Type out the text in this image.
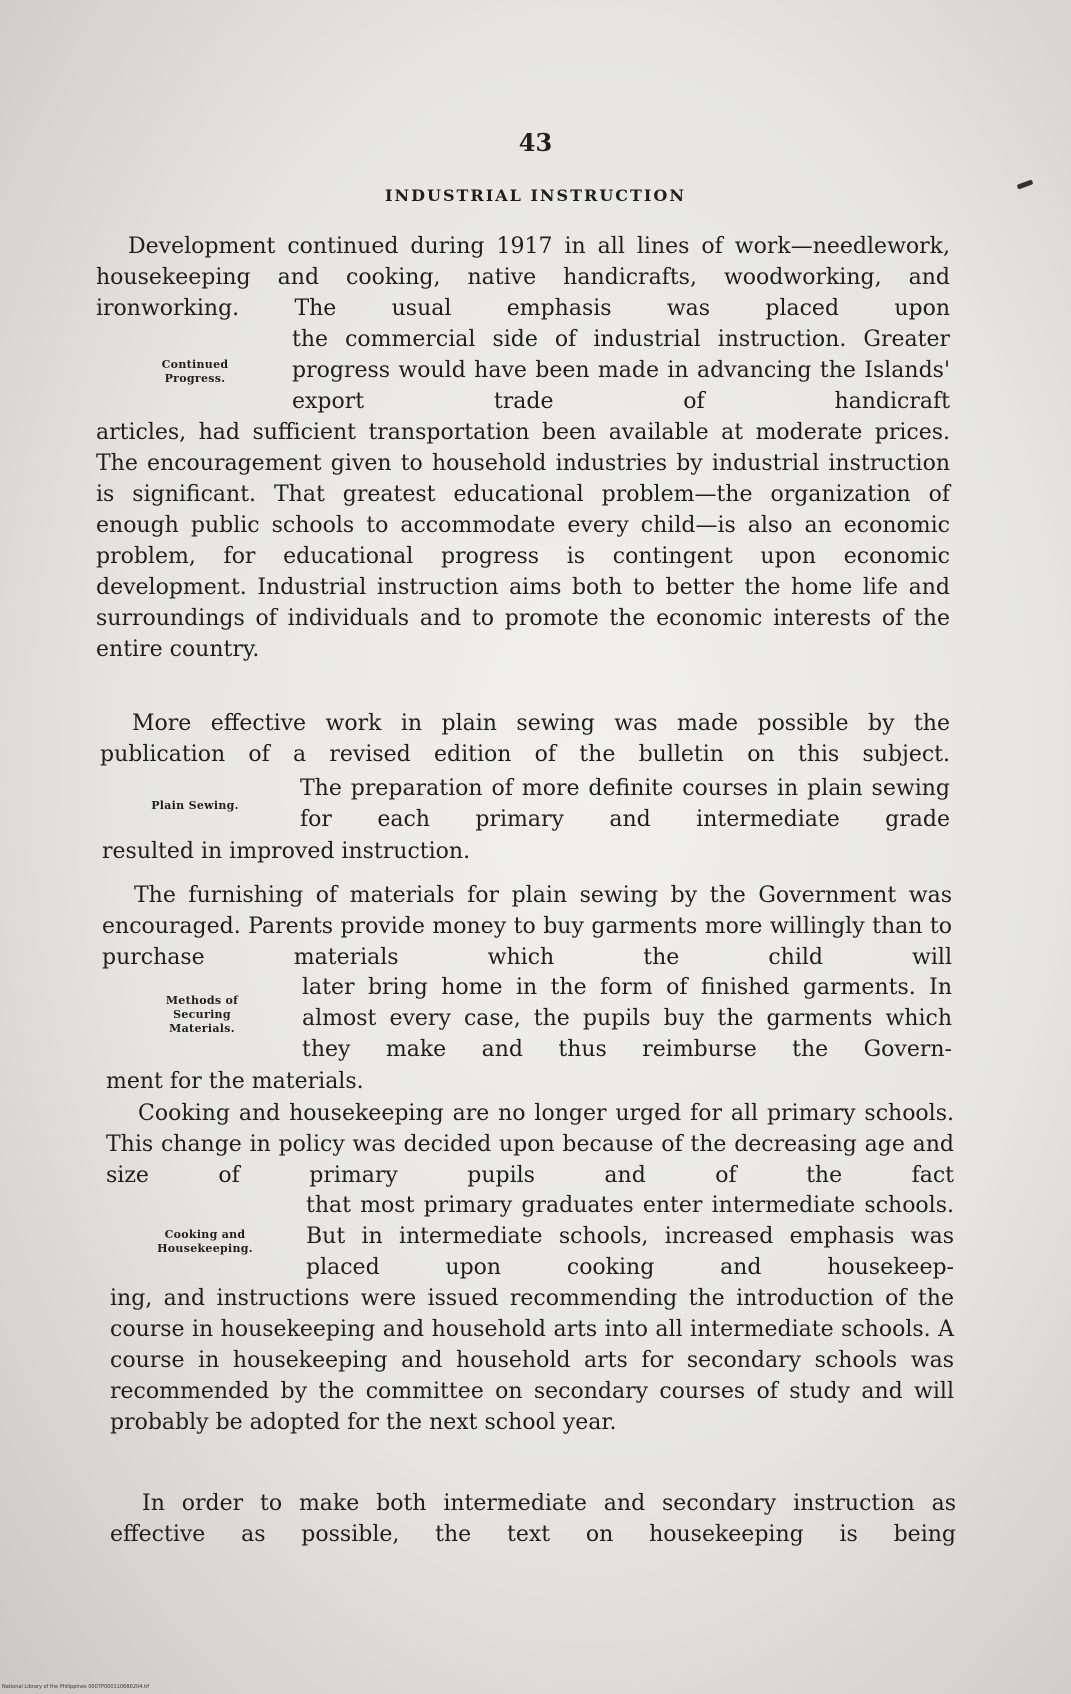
43
INDUSTRIAL INSTRUCTION
Development continued during 1917 in all lines of work—needlework, housekeeping and cooking, native handicrafts, woodworking, and ironworking. The usual emphasis was placed upon
Continued Progress.
the commercial side of industrial instruction. Greater progress would have been made in advancing the Islands' export trade of handicraft
articles, had sufficient transportation been available at moderate prices. The encouragement given to household industries by industrial instruction is significant. That greatest educational problem—the organization of enough public schools to accommodate every child—is also an economic problem, for educational progress is contingent upon economic development. Industrial instruction aims both to better the home life and surroundings of individuals and to promote the economic interests of the entire country.
More effective work in plain sewing was made possible by the publication of a revised edition of the bulletin on this subject.
Plain Sewing.
The preparation of more definite courses in plain sewing for each primary and intermediate grade
resulted in improved instruction.
The furnishing of materials for plain sewing by the Government was encouraged. Parents provide money to buy garments more willingly than to purchase materials which the child will
Methods of Securing Materials.
later bring home in the form of finished garments. In almost every case, the pupils buy the garments which they make and thus reimburse the Govern-
ment for the materials.
Cooking and housekeeping are no longer urged for all primary schools. This change in policy was decided upon because of the decreasing age and size of primary pupils and of the fact
Cooking and Housekeeping.
that most primary graduates enter intermediate schools. But in intermediate schools, increased emphasis was placed upon cooking and housekeep-
ing, and instructions were issued recommending the introduction of the course in housekeeping and household arts into all intermediate schools. A course in housekeeping and household arts for secondary schools was recommended by the committee on secondary courses of study and will probably be adopted for the next school year.
In order to make both intermediate and secondary instruction as effective as possible, the text on housekeeping is being
National Library of the Philippines 0007P0001106B0204.tif
